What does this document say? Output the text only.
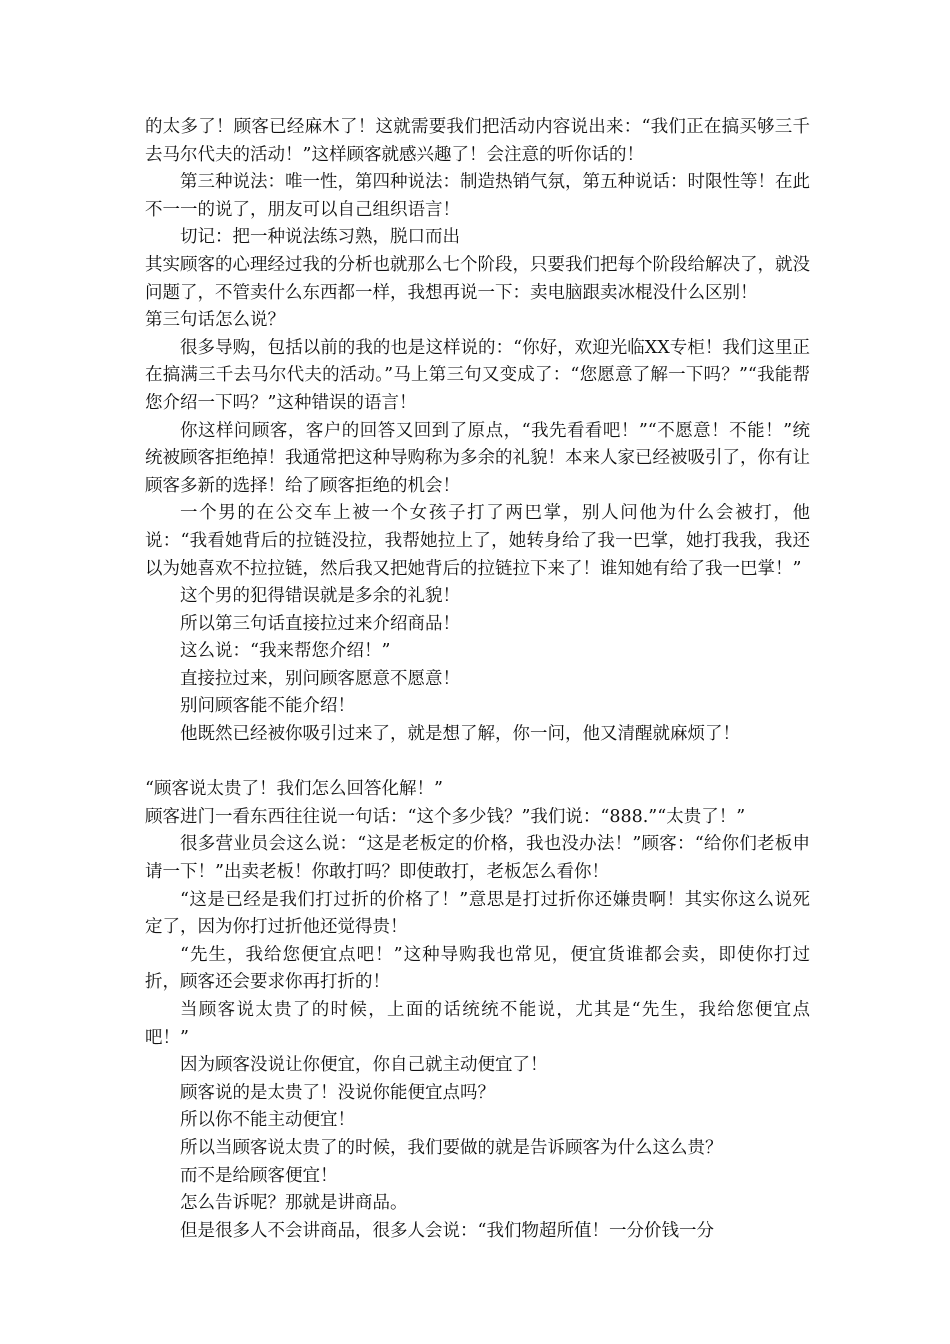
的太多了！顾客已经麻木了！这就需要我们把活动内容说出来：“我们正在搞买够三千去马尔代夫的活动！”这样顾客就感兴趣了！会注意的听你话的！

第三种说法：唯一性，第四种说法：制造热销气氛，第五种说话：时限性等！在此不一一的说了，朋友可以自己组织语言！

切记：把一种说法练习熟，脱口而出

其实顾客的心理经过我的分析也就那么七个阶段，只要我们把每个阶段给解决了，就没问题了，不管卖什么东西都一样，我想再说一下：卖电脑跟卖冰棍没什么区别！

第三句话怎么说？

很多导购，包括以前的我的也是这样说的：“你好，欢迎光临XX专柜！我们这里正在搞满三千去马尔代夫的活动。”马上第三句又变成了：“您愿意了解一下吗？”“我能帮您介绍一下吗？”这种错误的语言！

你这样问顾客，客户的回答又回到了原点，“我先看看吧！”“不愿意！不能！”统统被顾客拒绝掉！我通常把这种导购称为多余的礼貌！本来人家已经被吸引了，你有让顾客多新的选择！给了顾客拒绝的机会！

一个男的在公交车上被一个女孩子打了两巴掌，别人问他为什么会被打，他说：“我看她背后的拉链没拉，我帮她拉上了，她转身给了我一巴掌，她打我我，我还以为她喜欢不拉拉链，然后我又把她背后的拉链拉下来了！谁知她有给了我一巴掌！”

这个男的犯得错误就是多余的礼貌！

所以第三句话直接拉过来介绍商品！

这么说：“我来帮您介绍！”

直接拉过来，别问顾客愿意不愿意！

别问顾客能不能介绍！

他既然已经被你吸引过来了，就是想了解，你一问，他又清醒就麻烦了！

“顾客说太贵了！我们怎么回答化解！”

顾客进门一看东西往往说一句话：“这个多少钱？”我们说：“888.”“太贵了！”

很多营业员会这么说：“这是老板定的价格，我也没办法！”顾客：“给你们老板申请一下！”出卖老板！你敢打吗？即使敢打，老板怎么看你！

“这是已经是我们打过折的价格了！”意思是打过折你还嫌贵啊！其实你这么说死定了，因为你打过折他还觉得贵！

“先生，我给您便宜点吧！”这种导购我也常见，便宜货谁都会卖，即使你打过折，顾客还会要求你再打折的！

当顾客说太贵了的时候，上面的话统统不能说，尤其是“先生，我给您便宜点吧！”

因为顾客没说让你便宜，你自己就主动便宜了！

顾客说的是太贵了！没说你能便宜点吗？

所以你不能主动便宜！

所以当顾客说太贵了的时候，我们要做的就是告诉顾客为什么这么贵？

而不是给顾客便宜！

怎么告诉呢？那就是讲商品。

但是很多人不会讲商品，很多人会说：“我们物超所值！一分价钱一分
